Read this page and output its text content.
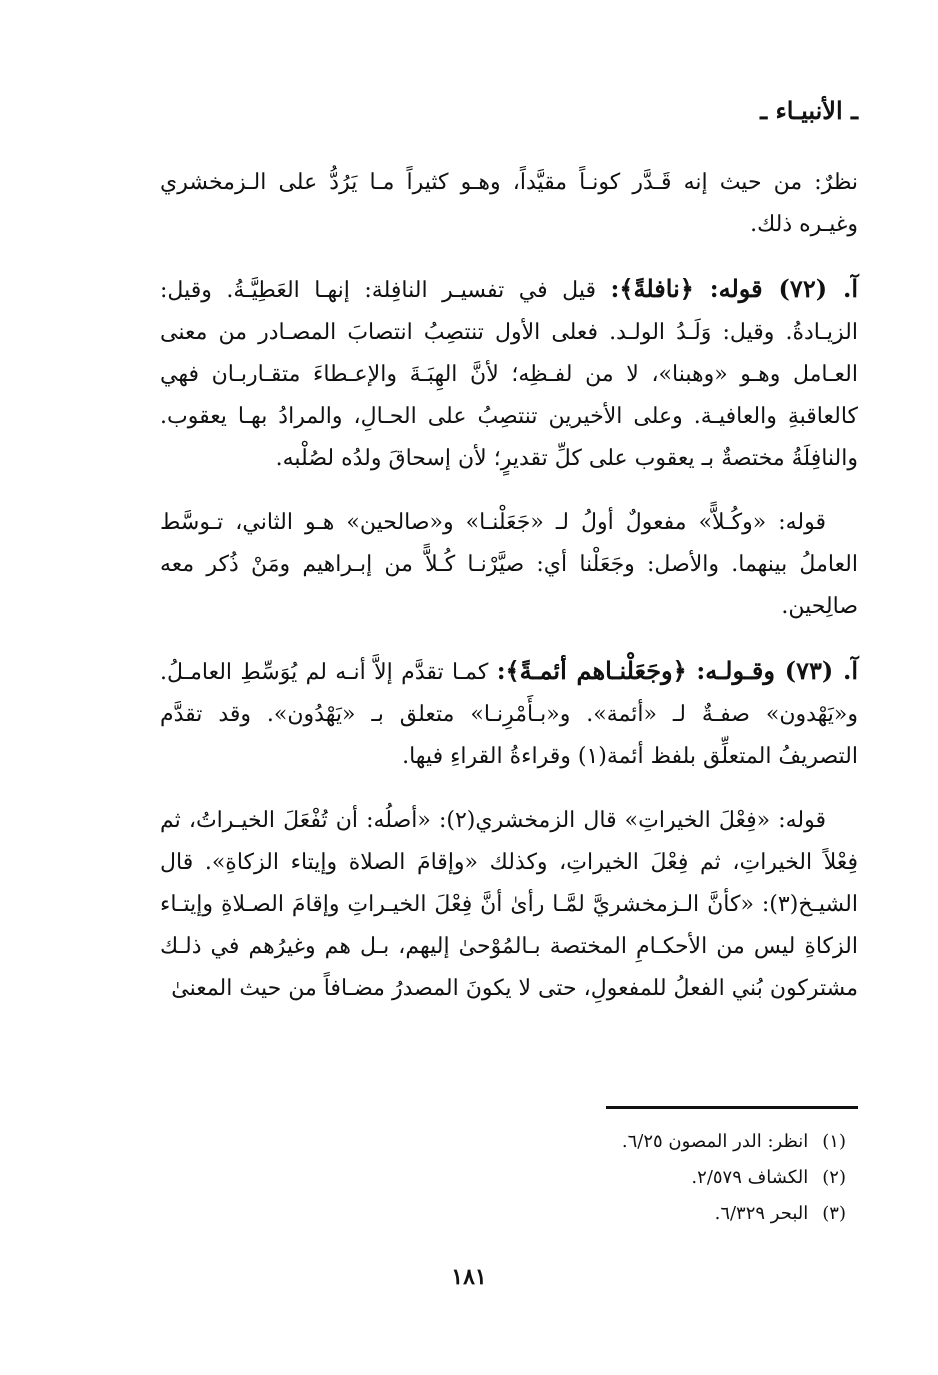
ـ الأنبيـاء ـ

نظرٌ: من حيث إنه قَـدَّر كونـاً مقيَّداً، وهـو كثيراً مـا يَرُدُّ على الـزمخشري وغيـره ذلك.

آ. (٧٢) قوله: ﴿نافلةً﴾: قيل في تفسيـر النافِلة: إنهـا العَطِيَّـةُ. وقيل: الزيـادةُ. وقيل: وَلَـدُ الولـد. فعلى الأول تنتصِبُ انتصابَ المصـادر من معنى العـامل وهـو «وهبنا»، لا من لفـظِه؛ لأنَّ الهِبَـةَ والإعـطاءَ متقـاربـان فهي كالعاقبةِ والعافيـة. وعلى الأخيرين تنتصِبُ على الحـالِ، والمرادُ بهـا يعقوب. والنافِلَةُ مختصةٌ بـ يعقوب على كلِّ تقديرٍ؛ لأن إسحاقَ ولدُه لصُلْبه.

قوله: «وكُـلاًّ» مفعولٌ أولُ لـ «جَعَلْنـا» و«صالحين» هـو الثاني، تـوسَّط العاملُ بينهما. والأصل: وجَعَلْنا أي: صيَّرْنـا كُـلاًّ من إبـراهيم ومَنْ ذُكر معه صالِحين.

آ. (٧٣) وقـولـه: ﴿وجَعَلْنـاهم أئمـةً﴾: كمـا تقدَّم إلاَّ أنـه لم يُوَسِّطِ العامـلُ. و«يَهْدون» صفـةٌ لـ «أئمة». و«بـأَمْرِنـا» متعلق بـ «يَهْدُون». وقد تقدَّم التصريفُ المتعلِّق بلفظ أئمة(١) وقراءةُ القراءِ فيها.

قوله: «فِعْلَ الخيراتِ» قال الزمخشري(٢): «أصلُه: أن تُفْعَلَ الخيـراتُ، ثم فِعْلاً الخيراتِ، ثم فِعْلَ الخيراتِ، وكذلك «وإقامَ الصلاة وإيتاء الزكاةِ». قال الشيـخ(٣): «كأنَّ الـزمخشريَّ لمَّـا رأىٰ أنَّ فِعْلَ الخيـراتِ وإقامَ الصـلاةِ وإيتـاء الزكاةِ ليس من الأحكـامِ المختصة بـالمُوْحىٰ إليهم، بـل هم وغيرُهم في ذلـك مشتركون بُني الفعلُ للمفعولِ، حتى لا يكونَ المصدرُ مضـافاً من حيث المعنىٰ

(١)انظر: الدر المصون ٦/٢٥.
(٢)الكشاف ٢/٥٧٩.
(٣)البحر ٦/٣٢٩.
١٨١
